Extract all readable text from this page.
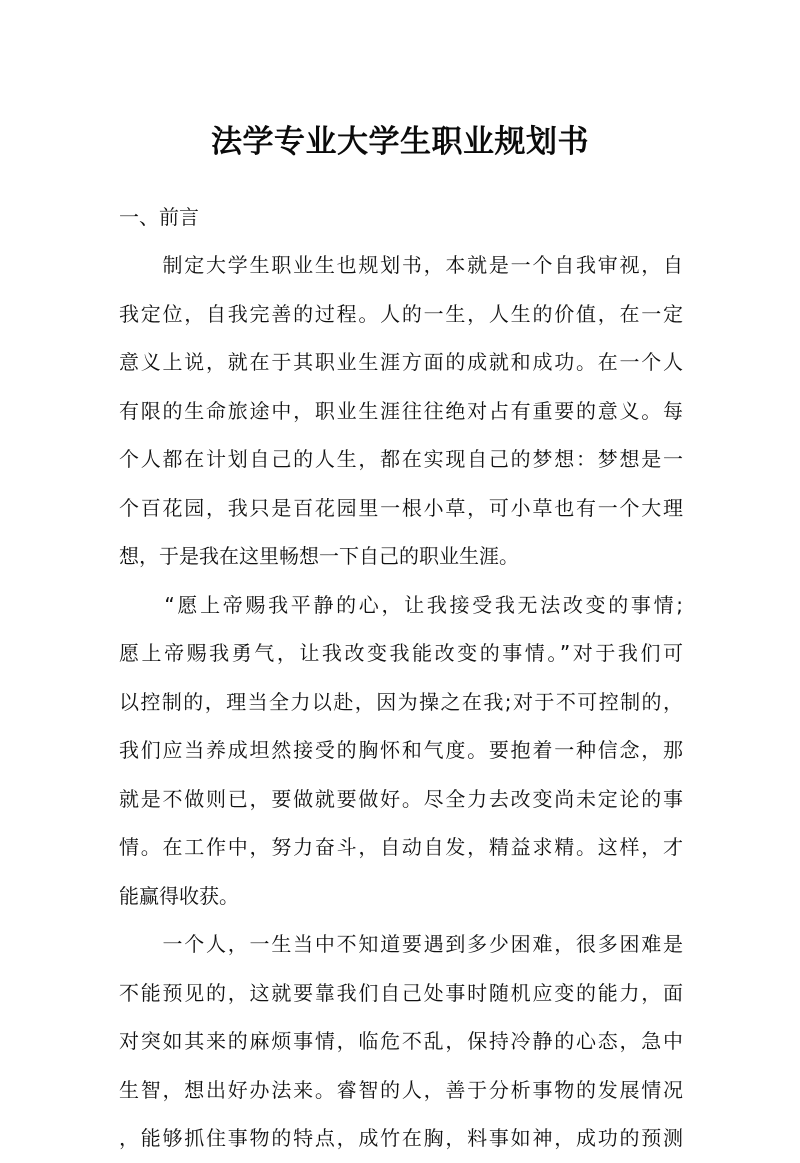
法学专业大学生职业规划书
一、前言
　　制定大学生职业生也规划书，本就是一个自我审视，自
我定位，自我完善的过程。人的一生，人生的价值，在一定
意义上说，就在于其职业生涯方面的成就和成功。在一个人
有限的生命旅途中，职业生涯往往绝对占有重要的意义。每
个人都在计划自己的人生，都在实现自己的梦想：梦想是一
个百花园，我只是百花园里一根小草，可小草也有一个大理
想，于是我在这里畅想一下自己的职业生涯。
　　“愿上帝赐我平静的心，让我接受我无法改变的事情;
愿上帝赐我勇气，让我改变我能改变的事情。”对于我们可
以控制的，理当全力以赴，因为操之在我;对于不可控制的，
我们应当养成坦然接受的胸怀和气度。要抱着一种信念，那
就是不做则已，要做就要做好。尽全力去改变尚未定论的事
情。在工作中，努力奋斗，自动自发，精益求精。这样，才
能赢得收获。
　　一个人，一生当中不知道要遇到多少困难，很多困难是
不能预见的，这就要靠我们自己处事时随机应变的能力，面
对突如其来的麻烦事情，临危不乱，保持冷静的心态，急中
生智，想出好办法来。睿智的人，善于分析事物的发展情况
，能够抓住事物的特点，成竹在胸，料事如神，成功的预测
